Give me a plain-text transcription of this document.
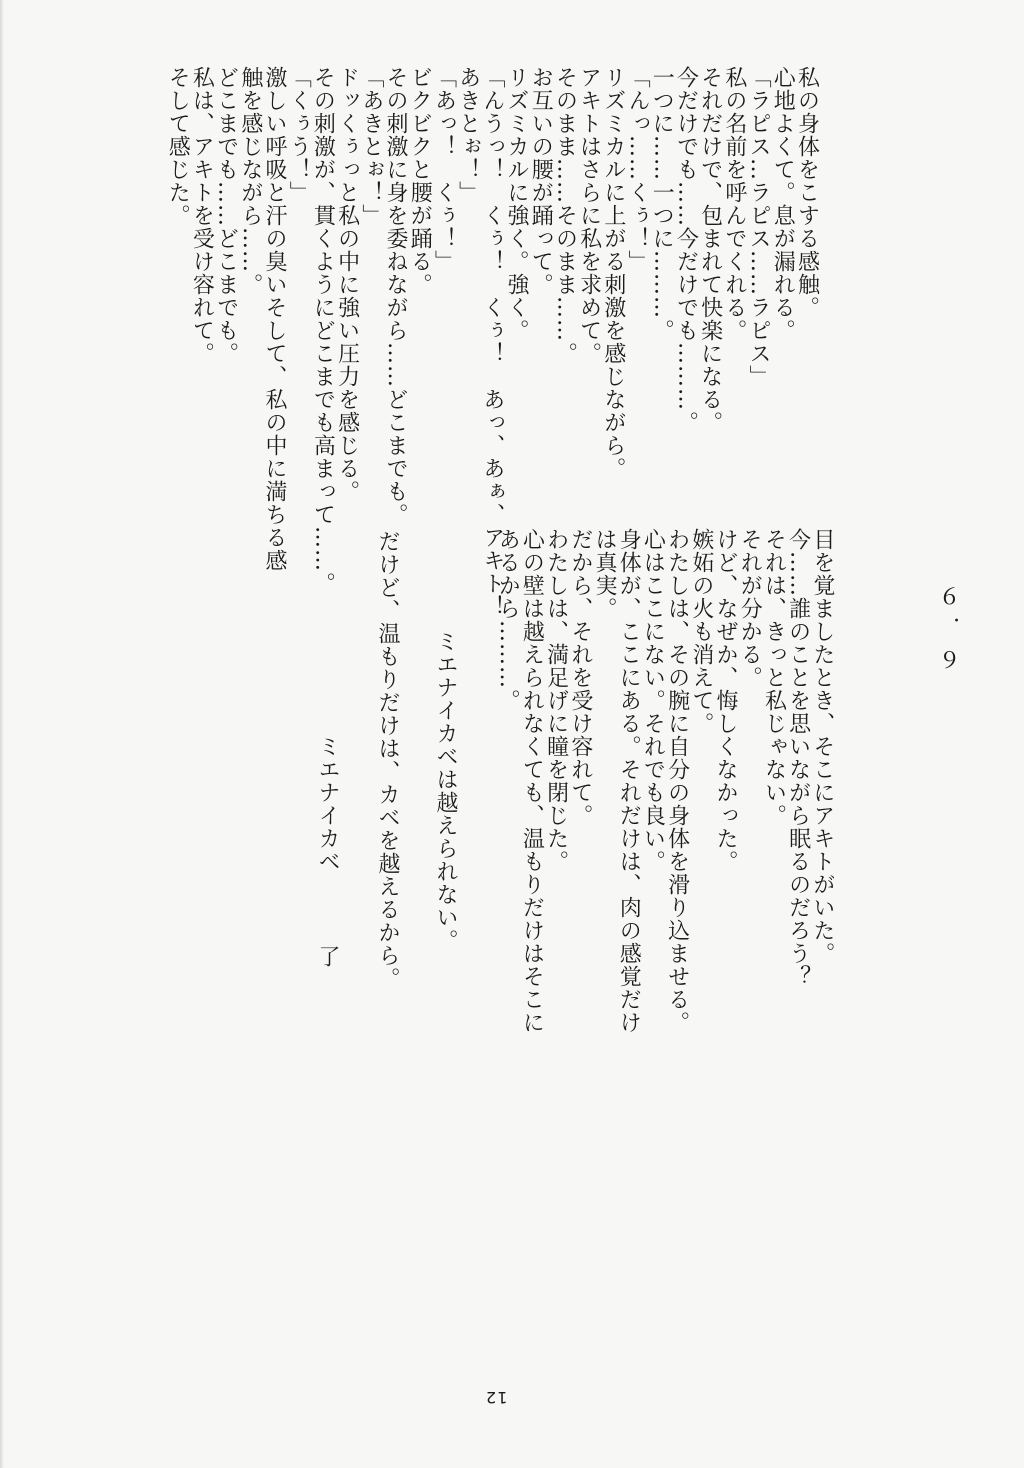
私の身体をこする感触。
心地よくて。息が漏れる。
「ラピス…ラピス……ラピス」
私の名前を呼んでくれる。
それだけで、包まれて快楽になる。
今だけでも……今だけでも………。
一つに……一つに………。
「んっ……くぅ！」
リズミカルに上がる刺激を感じながら。
アキトはさらに私を求めて。
そのまま……そのまま……。
お互いの腰が踊って。
リズミカルに強く。強く。
「んうっ！　くぅ！　くぅ！　あっ、あぁ、アキト！
あきとぉ！」
「あっ！　くぅ！」
ビクビクと腰が踊る。
その刺激に身を委ねながら……どこまでも。
「あきとぉ！」
ドッくぅっと私の中に強い圧力を感じる。
その刺激が、貫くようにどこまでも高まって……。
「くぅう！」
激しい呼吸と汗の臭いそして、私の中に満ちる感
触を感じながら……。
どこまでも……どこまでも。
私は、アキトを受け容れて。
そして感じた。
６．９
目を覚ましたとき、そこにアキトがいた。
今……誰のことを思いながら眠るのだろう？
それは、きっと私じゃない。
それが分かる。
けど、なぜか、悔しくなかった。
嫉妬の火も消えて。
わたしは、その腕に自分の身体を滑り込ませる。
心はここにない。それでも良い。
身体が、ここにある。それだけは、肉の感覚だけ
は真実。
だから、それを受け容れて。
わたしは、満足げに瞳を閉じた。
心の壁は越えられなくても、温もりだけはそこに
あるから………。
ミエナイカベは越えられない。
だけど、温もりだけは、カベを越えるから。
ミエナイカベ了
12
